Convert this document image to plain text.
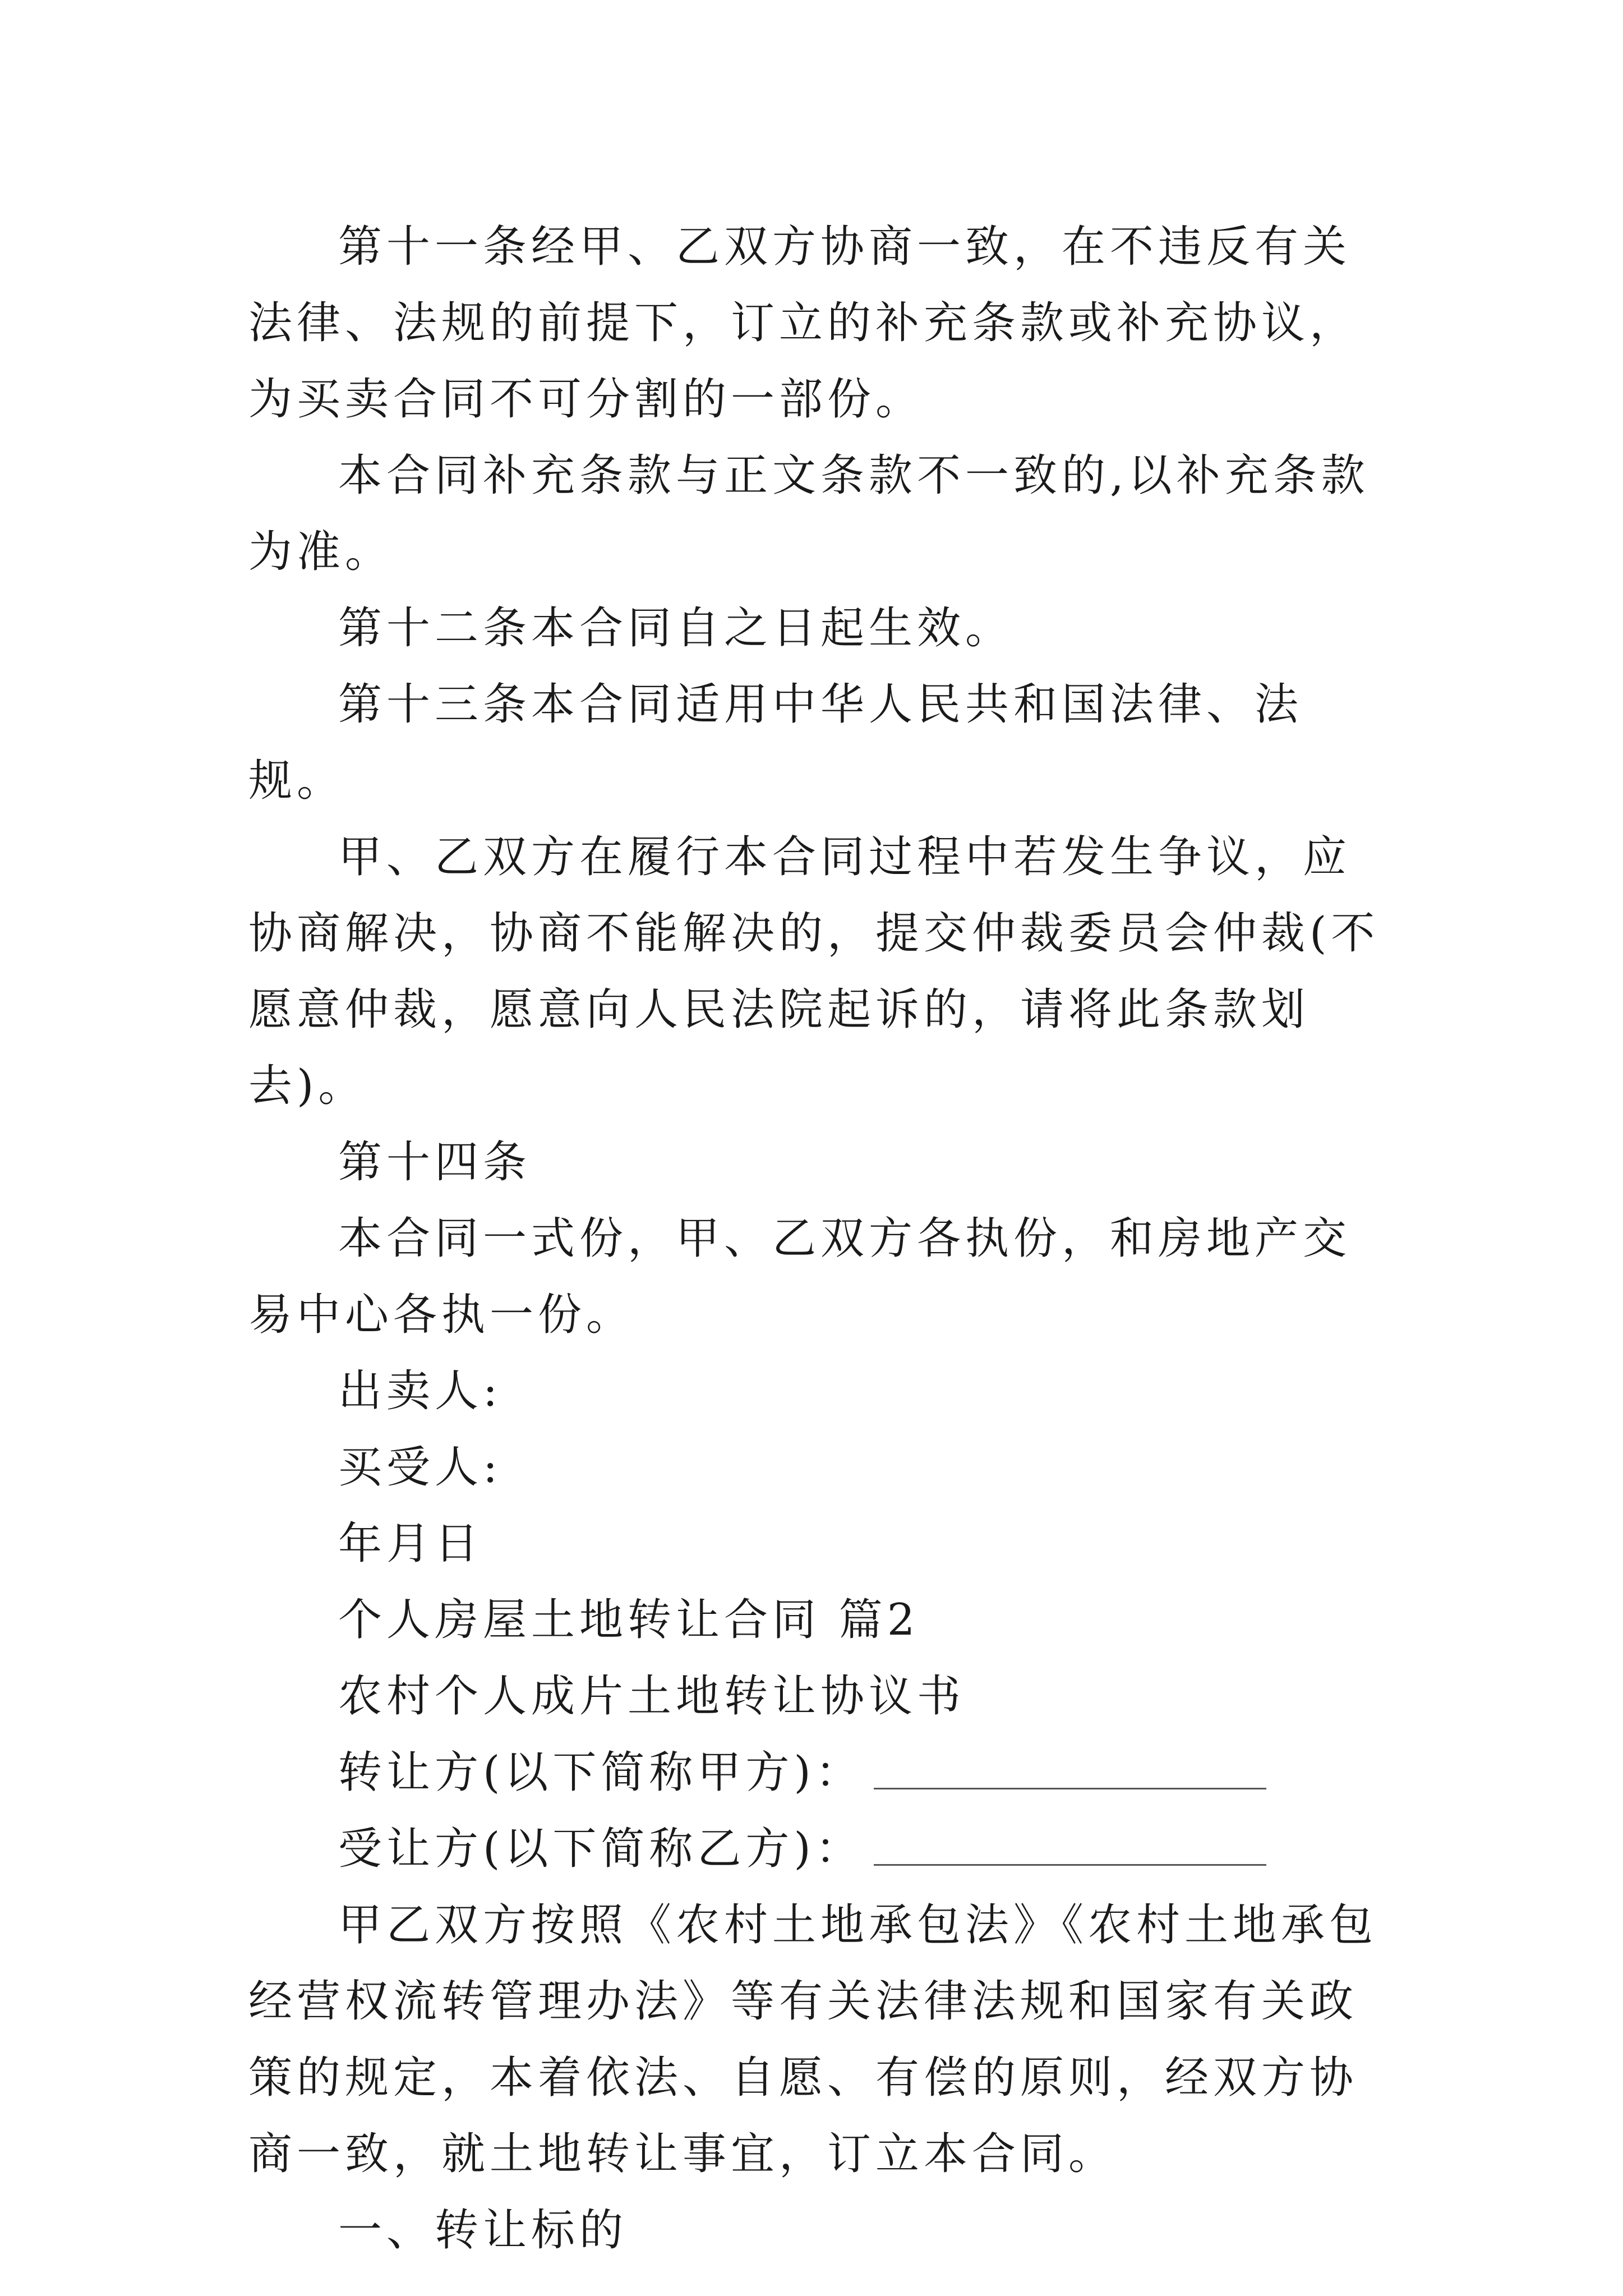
第十一条经甲、乙双方协商一致，在不违反有关法律、法规的前提下，订立的补充条款或补充协议，为买卖合同不可分割的一部份。

本合同补充条款与正文条款不一致的,以补充条款为准。

第十二条本合同自之日起生效。

第十三条本合同适用中华人民共和国法律、法规。

甲、乙双方在履行本合同过程中若发生争议，应协商解决，协商不能解决的，提交仲裁委员会仲裁(不愿意仲裁，愿意向人民法院起诉的，请将此条款划去)。

第十四条

本合同一式份，甲、乙双方各执份，和房地产交易中心各执一份。

出卖人:

买受人:

年月日

个人房屋土地转让合同 篇2

农村个人成片土地转让协议书

转让方(以下简称甲方)：

受让方(以下简称乙方)：

甲乙双方按照《农村土地承包法》《农村土地承包经营权流转管理办法》等有关法律法规和国家有关政策的规定，本着依法、自愿、有偿的原则，经双方协商一致，就土地转让事宜，订立本合同。

一、转让标的
